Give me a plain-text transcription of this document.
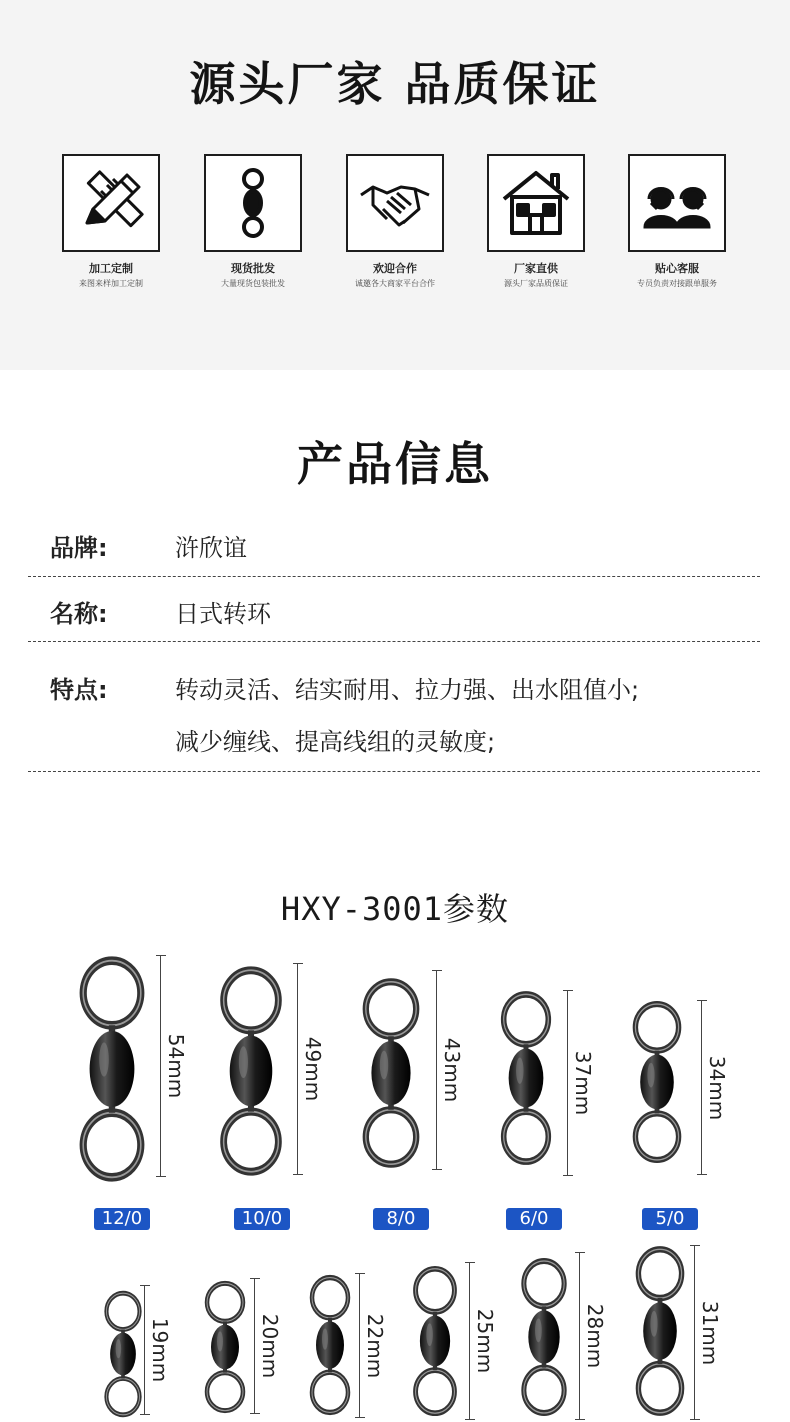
源头厂家 品质保证
加工定制
来图来样加工定制
现货批发
大量现货包装批发
欢迎合作
诚邀各大商家平台合作
厂家直供
源头厂家品质保证
贴心客服
专员负责对接跟单服务
产品信息
品牌:	浒欣谊
名称:	日式转环
特点:	转动灵活、结实耐用、拉力强、出水阻值小;
减少缠线、提高线组的灵敏度;
HXY-3001参数
54mm
12/0
49mm
10/0
43mm
8/0
37mm
6/0
34mm
5/0
19mm	20mm	22mm	25mm	28mm	31mm
